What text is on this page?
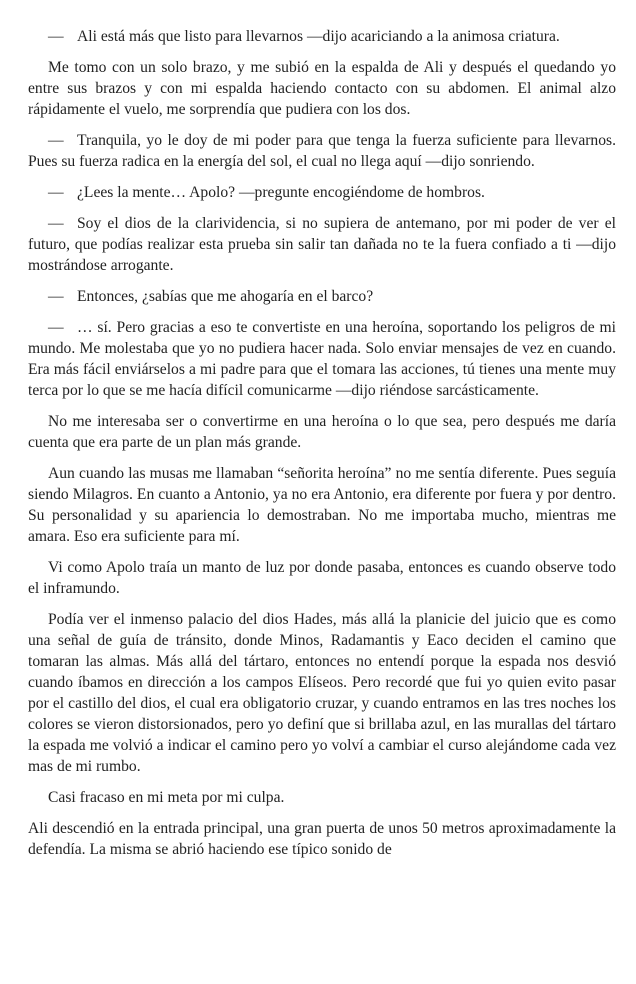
— Ali está más que listo para llevarnos —dijo acariciando a la animosa criatura.

Me tomo con un solo brazo, y me subió en la espalda de Ali y después el quedando yo entre sus brazos y con mi espalda haciendo contacto con su abdomen. El animal alzo rápidamente el vuelo, me sorprendía que pudiera con los dos.

— Tranquila, yo le doy de mi poder para que tenga la fuerza suficiente para llevarnos. Pues su fuerza radica en la energía del sol, el cual no llega aquí —dijo sonriendo.

— ¿Lees la mente… Apolo? —pregunte encogiéndome de hombros.

— Soy el dios de la clarividencia, si no supiera de antemano, por mi poder de ver el futuro, que podías realizar esta prueba sin salir tan dañada no te la fuera confiado a ti —dijo mostrándose arrogante.

— Entonces, ¿sabías que me ahogaría en el barco?

— … sí. Pero gracias a eso te convertiste en una heroína, soportando los peligros de mi mundo. Me molestaba que yo no pudiera hacer nada. Solo enviar mensajes de vez en cuando. Era más fácil enviárselos a mi padre para que el tomara las acciones, tú tienes una mente muy terca por lo que se me hacía difícil comunicarme —dijo riéndose sarcásticamente.

No me interesaba ser o convertirme en una heroína o lo que sea, pero después me daría cuenta que era parte de un plan más grande.

Aun cuando las musas me llamaban “señorita heroína” no me sentía diferente. Pues seguía siendo Milagros. En cuanto a Antonio, ya no era Antonio, era diferente por fuera y por dentro. Su personalidad y su apariencia lo demostraban. No me importaba mucho, mientras me amara. Eso era suficiente para mí.

Vi como Apolo traía un manto de luz por donde pasaba, entonces es cuando observe todo el inframundo.

Podía ver el inmenso palacio del dios Hades, más allá la planicie del juicio que es como una señal de guía de tránsito, donde Minos, Radamantis y Eaco deciden el camino que tomaran las almas. Más allá del tártaro, entonces no entendí porque la espada nos desvió cuando íbamos en dirección a los campos Elíseos. Pero recordé que fui yo quien evito pasar por el castillo del dios, el cual era obligatorio cruzar, y cuando entramos en las tres noches los colores se vieron distorsionados, pero yo definí que si brillaba azul, en las murallas del tártaro la espada me volvió a indicar el camino pero yo volví a cambiar el curso alejándome cada vez mas de mi rumbo.

Casi fracaso en mi meta por mi culpa.

Ali descendió en la entrada principal, una gran puerta de unos 50 metros aproximadamente la defendía. La misma se abrió haciendo ese típico sonido de
